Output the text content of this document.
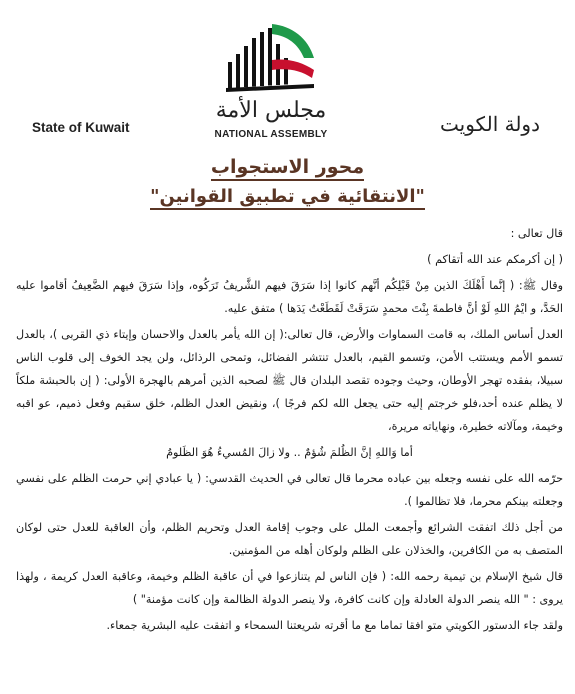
مجلس الأمة
NATIONAL ASSEMBLY
State of Kuwait	دولة الكويت
محور الاستجواب
"الانتقائية في تطبيق القوانين"

قال تعالى :

( إن أكرمكم عند الله أتقاكم )

وقال ﷺ: ( إنَّما أَهْلَكَ الذين مِنْ قَبْلِكُم أنَّهم كانوا إذا سَرَقَ فيهم الشَّريفُ تَرَكُوه، وإذا سَرَقَ فيهم الضَّعِيفُ أقاموا عليه الحَدَّ، و ايْمُ اللهِ لَوْ أنَّ فاطمةَ بِنْتَ محمدٍ سَرَقَتْ لَقَطَعْتُ يَدَها ) متفق عليه.

العدل أساس الملك، به قامت السماوات والأرض، قال تعالى:( إن الله يأمر بالعدل والاحسان وإيتاء ذي القربى )، بالعدل تسمو الأمم ويستتب الأمن، وتسمو القيم، بالعدل تنتشر الفضائل، وتمحى الرذائل، ولن يجد الخوف إلى قلوب الناس سبيلا، بفقده تهجر الأوطان، وحيث وجوده تقصد البلدان قال ﷺ لصحبه الذين أمرهم بالهجرة الأولى: ( إن بالحبشة ملكاً لا يظلم عنده أحد،فلو خرجتم إليه حتى يجعل الله لكم فرجًا )، ونقيض العدل الظلم، خلق سقيم وفعل ذميم، عو اقبه وخيمة، ومآلاته خطيرة، ونهاياته مريرة،

أما وَاللهِ إنَّ الظُلمَ شُؤمٌ .. ولا زالَ المُسيءُ هُوَ الظَلومُ

حرّمه الله على نفسه وجعله بين عباده محرما قال تعالى في الحديث القدسي: ( يا عبادي إني حرمت الظلم على نفسي وجعلته بينكم محرما، فلا تظالموا ).

من أجل ذلك اتفقت الشرائع وأجمعت الملل على وجوب إقامة العدل وتحريم الظلم، وأن العاقبة للعدل حتى لوكان المتصف به من الكافرين، والخذلان على الظلم ولوكان أهله من المؤمنين.

قال شيخ الإسلام بن تيمية رحمه الله: ( فإن الناس لم يتنازعوا في أن عاقبة الظلم وخيمة، وعاقبة العدل كريمة ، ولهذا يروى : " الله ينصر الدولة العادلة وإن كانت كافرة، ولا ينصر الدولة الظالمة وإن كانت مؤمنة" )

ولقد جاء الدستور الكويتي متو افقا تماما مع ما أقرته شريعتنا السمحاء و اتفقت عليه البشرية جمعاء.
